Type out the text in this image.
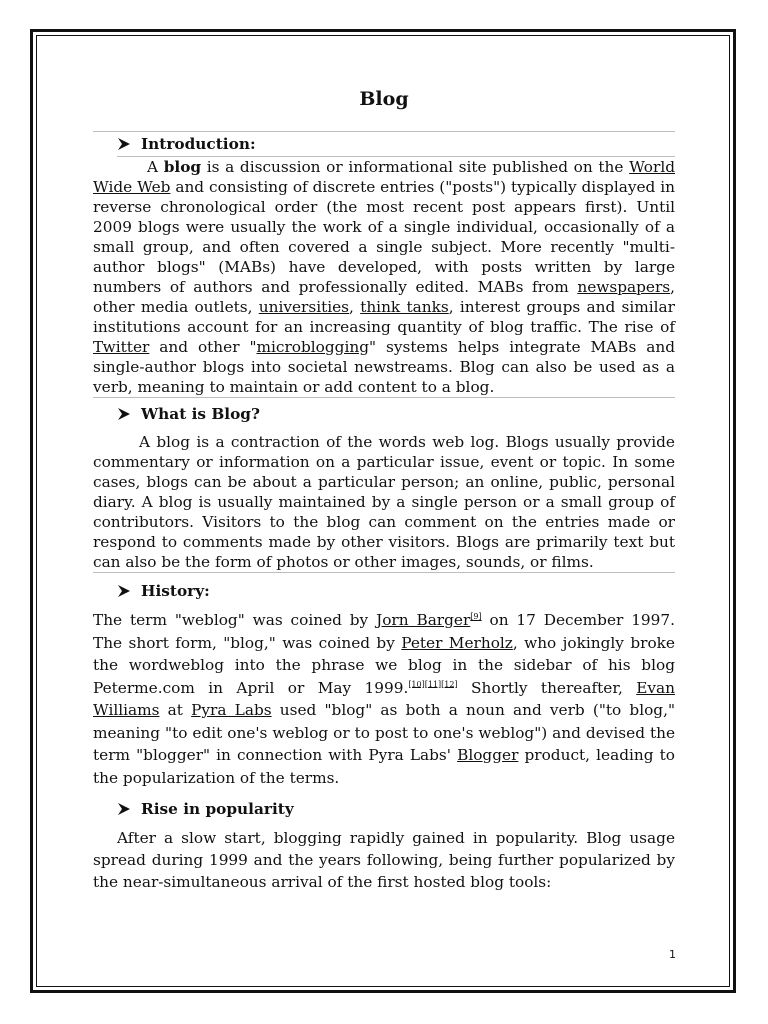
Blog
Introduction:

A blog is a discussion or informational site published on the World Wide Web and consisting of discrete entries ("posts") typically displayed in reverse chronological order (the most recent post appears first). Until 2009 blogs were usually the work of a single individual, occasionally of a small group, and often covered a single subject. More recently "multi-author blogs" (MABs) have developed, with posts written by large numbers of authors and professionally edited. MABs from newspapers, other media outlets, universities, think tanks, interest groups and similar institutions account for an increasing quantity of blog traffic. The rise of Twitter and other "microblogging" systems helps integrate MABs and single-author blogs into societal newstreams. Blog can also be used as a verb, meaning to maintain or add content to a blog.

What is Blog?

A blog is a contraction of the words web log. Blogs usually provide commentary or information on a particular issue, event or topic. In some cases, blogs can be about a particular person; an online, public, personal diary. A blog is usually maintained by a single person or a small group of contributors. Visitors to the blog can comment on the entries made or respond to comments made by other visitors. Blogs are primarily text but can also be the form of photos or other images, sounds, or films.

History:

The term "weblog" was coined by Jorn Barger[9] on 17 December 1997. The short form, "blog," was coined by Peter Merholz, who jokingly broke the wordweblog into the phrase we blog in the sidebar of his blog Peterme.com in April or May 1999.[10][11][12] Shortly thereafter, Evan Williams at Pyra Labs used "blog" as both a noun and verb ("to blog," meaning "to edit one's weblog or to post to one's weblog") and devised the term "blogger" in connection with Pyra Labs' Blogger product, leading to the popularization of the terms.

Rise in popularity

After a slow start, blogging rapidly gained in popularity. Blog usage spread during 1999 and the years following, being further popularized by the near-simultaneous arrival of the first hosted blog tools:

1
